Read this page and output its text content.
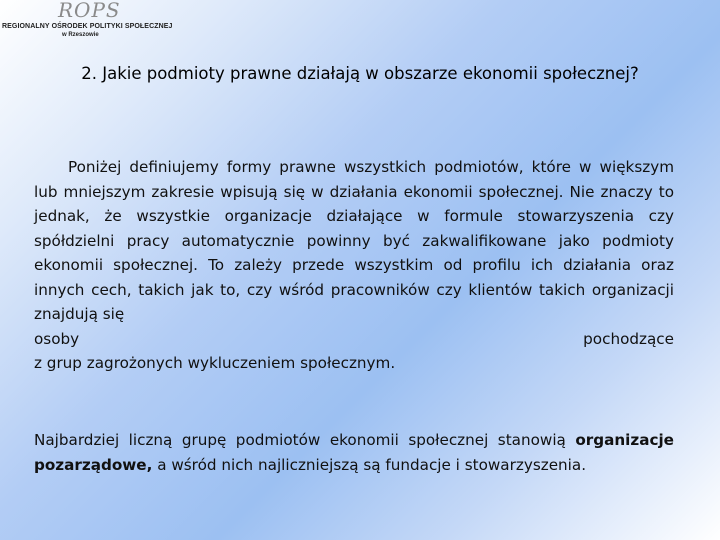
ROPS
REGIONALNY OŚRODEK POLITYKI SPOŁECZNEJ
w Rzeszowie
2. Jakie podmioty prawne działają w obszarze ekonomii społecznej?
Poniżej definiujemy formy prawne wszystkich podmiotów, które w większym lub mniejszym zakresie wpisują się w działania ekonomii społecznej. Nie znaczy to jednak, że wszystkie organizacje działające w formule stowarzyszenia czy spółdzielni pracy automatycznie powinny być zakwalifikowane jako podmioty ekonomii społecznej. To zależy przede wszystkim od profilu ich działania oraz innych cech, takich jak to, czy wśród pracowników czy klientów takich organizacji znajdują się
osoby	pochodzące
z grup zagrożonych wykluczeniem społecznym.
Najbardziej liczną grupę podmiotów ekonomii społecznej stanowią organizacje pozarządowe, a wśród nich najliczniejszą są fundacje i stowarzyszenia.
